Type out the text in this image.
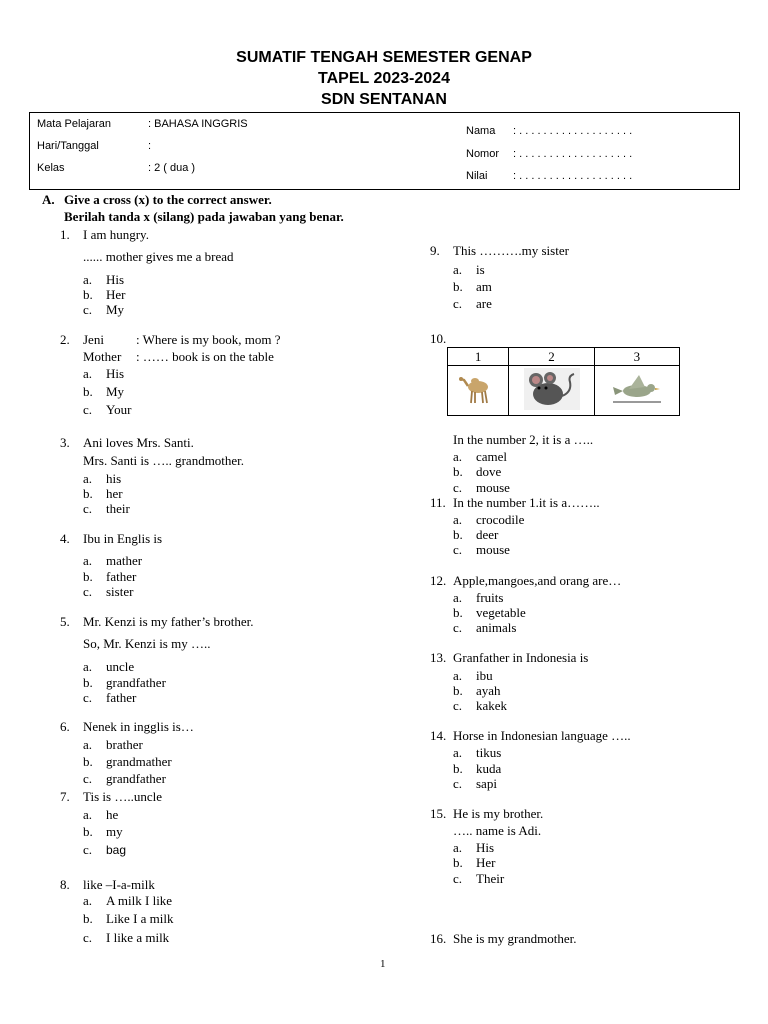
SUMATIF TENGAH SEMESTER GENAP
TAPEL 2023-2024
SDN SENTANAN
Mata Pelajaran	: BAHASA INGGRIS
Hari/Tanggal	:
Kelas	: 2 ( dua )
Nama : . . . . . . . . . . . . . . . . . . .
Nomor : . . . . . . . . . . . . . . . . . . .
Nilai : . . . . . . . . . . . . . . . . . . .
A. Give a cross (x) to the correct answer.
Berilah tanda x (silang) pada jawaban yang benar.
1. I am hungry.
...... mother gives me a bread
a. His
b. Her
c. My
2. Jeni : Where is my book, mom ?
Mother : …… book is on the table
a. His
b. My
c. Your
3. Ani loves Mrs. Santi.
Mrs. Santi is ….. grandmother.
a. his
b. her
c. their
4. Ibu in Englis is
a. mather
b. father
c. sister
5. Mr. Kenzi is my father’s brother.
So, Mr. Kenzi is my …..
a. uncle
b. grandfather
c. father
6. Nenek in ingglis is…
a. brather
b. grandmather
c. grandfather
7. Tis is …..uncle
a. he
b. my
c. bag
8. like –I-a-milk
a. A milk I like
b. Like I a milk
c. I like a milk
9. This ……….my sister
a. is
b. am
c. are
10.
1	2	3

In the number 2, it is a …..
a. camel
b. dove
c. mouse
11. In the number 1.it is a……..
a. crocodile
b. deer
c. mouse
12. Apple,mangoes,and orang are…
a. fruits
b. vegetable
c. animals
13. Granfather in Indonesia is
a. ibu
b. ayah
c. kakek
14. Horse in Indonesian language …..
a. tikus
b. kuda
c. sapi
15. He is my brother.
….. name is Adi.
a. His
b. Her
c. Their
16. She is my grandmother.
1
